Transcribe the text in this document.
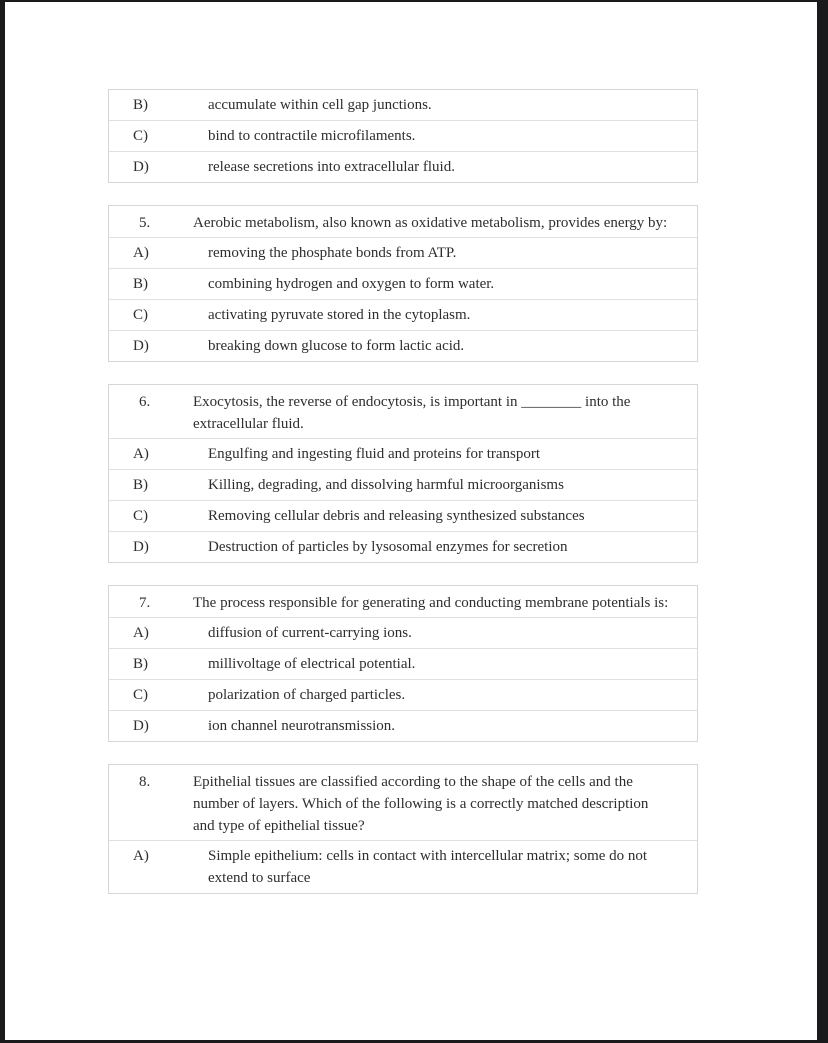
B)	accumulate within cell gap junctions.
C)	bind to contractile microfilaments.
D)	release secretions into extracellular fluid.
5.	Aerobic metabolism, also known as oxidative metabolism, provides energy by:
A)	removing the phosphate bonds from ATP.
B)	combining hydrogen and oxygen to form water.
C)	activating pyruvate stored in the cytoplasm.
D)	breaking down glucose to form lactic acid.
6.	Exocytosis, the reverse of endocytosis, is important in ________ into the extracellular fluid.
A)	Engulfing and ingesting fluid and proteins for transport
B)	Killing, degrading, and dissolving harmful microorganisms
C)	Removing cellular debris and releasing synthesized substances
D)	Destruction of particles by lysosomal enzymes for secretion
7.	The process responsible for generating and conducting membrane potentials is:
A)	diffusion of current-carrying ions.
B)	millivoltage of electrical potential.
C)	polarization of charged particles.
D)	ion channel neurotransmission.
8.	Epithelial tissues are classified according to the shape of the cells and the number of layers. Which of the following is a correctly matched description and type of epithelial tissue?
A)	Simple epithelium: cells in contact with intercellular matrix; some do not extend to surface
